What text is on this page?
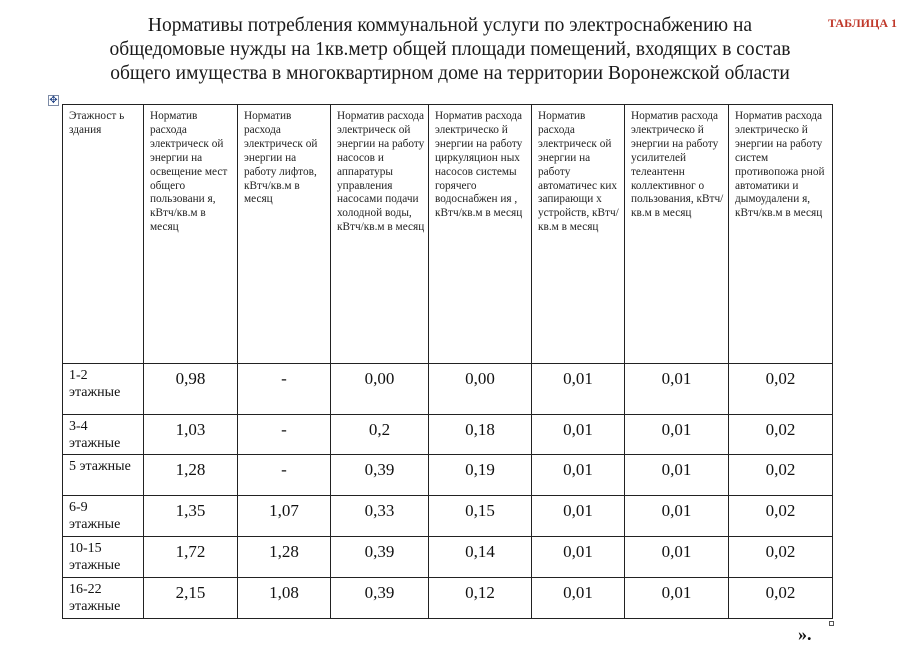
Нормативы потребления коммунальной услуги по электроснабжению на
общедомовые нужды на 1кв.метр общей площади помещений, входящих в состав
общего имущества в многоквартирном доме на территории Воронежской области
ТАБЛИЦА 1
✥
Этажност ь здания	Норматив расхода электрическ ой энергии на освещение мест общего пользовани я, кВтч/кв.м в месяц	Норматив расхода электрическ ой энергии на работу лифтов, кВтч/кв.м в месяц	Норматив расхода электрическ ой энергии на работу насосов и аппаратуры управления насосами подачи холодной воды, кВтч/кв.м в месяц	Норматив расхода электрическо й энергии на работу циркуляцион ных насосов системы горячего водоснабжен ия , кВтч/кв.м в месяц	Норматив расхода электрическ ой энергии на работу автоматичес ких запирающи х устройств, кВтч/кв.м в месяц	Норматив расхода электрическо й энергии на работу усилителей телеантенн коллективног о пользования, кВтч/кв.м в месяц	Норматив расхода электрическо й энергии на работу систем противопожа рной автоматики и дымоудалени я, кВтч/кв.м в месяц
1-2 этажные	0,98	-	0,00	0,00	0,01	0,01	0,02
3-4 этажные	1,03	-	0,2	0,18	0,01	0,01	0,02
5 этажные	1,28	-	0,39	0,19	0,01	0,01	0,02
6-9 этажные	1,35	1,07	0,33	0,15	0,01	0,01	0,02
10-15 этажные	1,72	1,28	0,39	0,14	0,01	0,01	0,02
16-22 этажные	2,15	1,08	0,39	0,12	0,01	0,01	0,02
».
